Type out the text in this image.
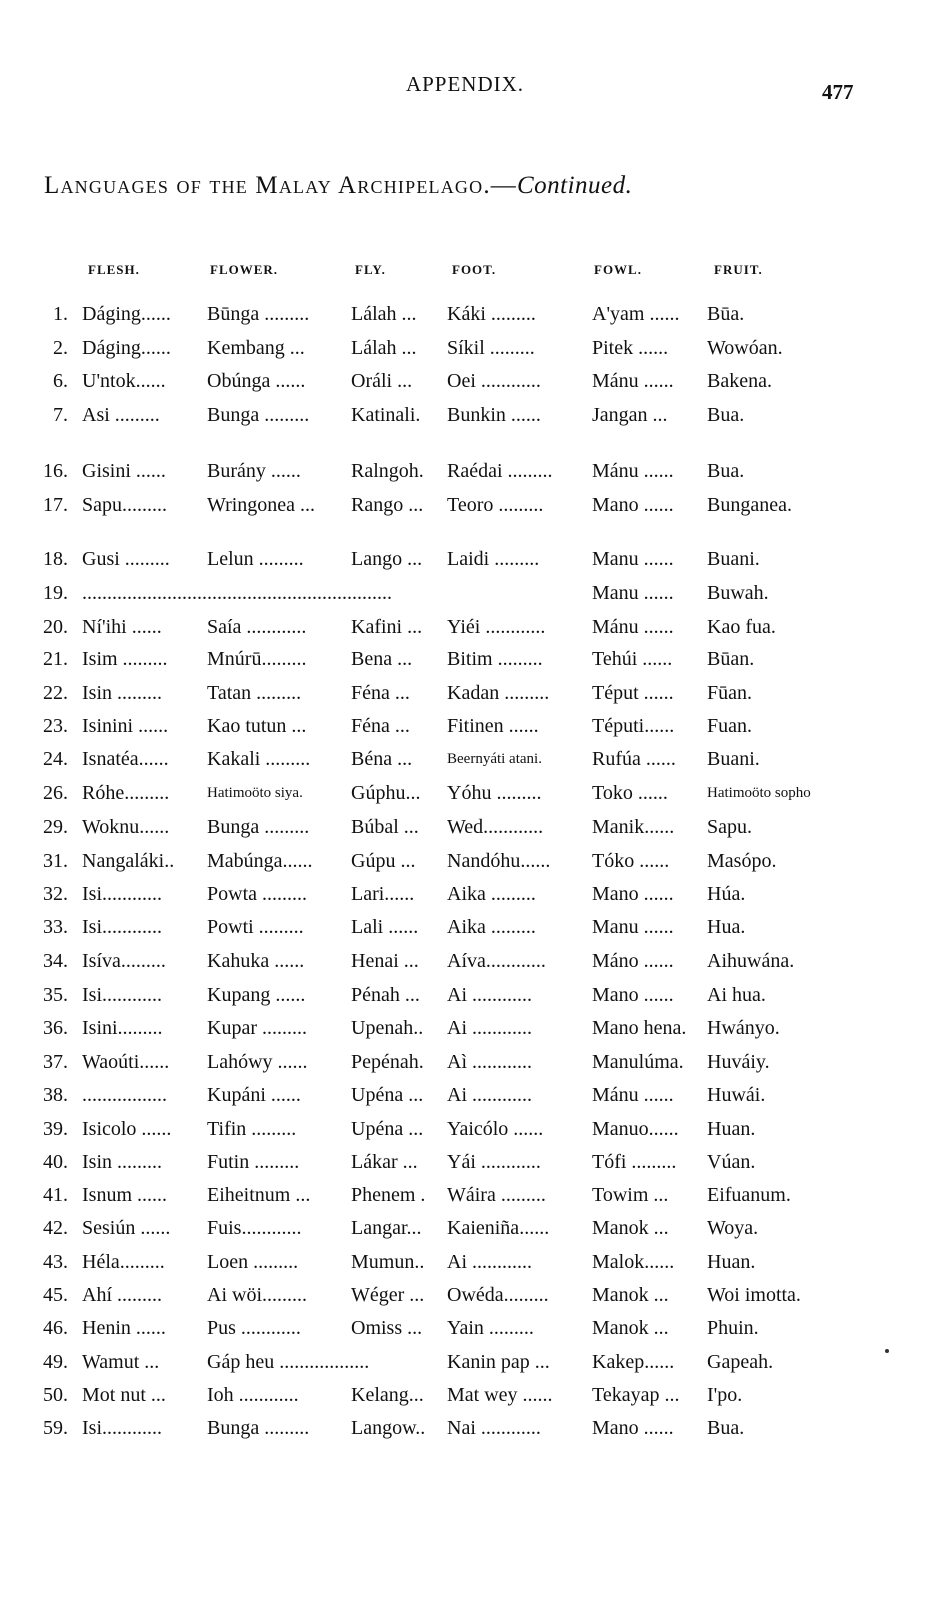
APPENDIX.	477
Languages of the Malay Archipelago.—Continued.
FLESH.	FLOWER.	FLY.	FOOT.	FOWL.	FRUIT.
1. Dáging...... Būnga ......... Lálah ... Káki .........	A'yam ...... Būa.
2. Dáging...... Kembang ... Lálah ... Síkil .........	Pitek ...... Wowóan.
6. U'ntok...... Obúnga ...... Oráli ... Oei ............	Mánu ...... Bakena.
7. Asi ......... Bunga ......... Katinali. Bunkin ......	Jangan ... Bua.
16. Gisini ...... Burány ......	Ralngoh. Raédai ......... Mánu ...... Bua.
17. Sapu......... Wringonea ... Rango ... Teoro ......... Mano ...... Bunganea.
18. Gusi ......... Lelun ......... Lango ... Laidi .........	Manu ...... Buani.
19. ..............................................................	Manu ...... Buwah.
20. Ní'ihi ...... Saía ............ Kafini ... Yiéi ............ Mánu ...... Kao fua.
21. Isim ......... Mnúrū......... Bena ... Bitim ......... Tehúi ...... Būan.
22. Isin ......... Tatan ......... Féna ... Kadan ......... Téput ...... Fūan.
23. Isinini ...... Kao tutun ... Féna ... Fitinen ......	Téputi...... Fuan.
24. Isnatéa...... Kakali ......... Béna ... Beernyáti atani.	Rufúa ...... Buani.
26. Róhe.........	Hatimoöto siya. Gúphu... Yóhu .........	Toko ......	Hatimoöto sopho
29. Woknu...... Bunga ......... Búbal ... Wed............ Manik...... Sapu.
31. Nangaláki.. Mabúnga...... Gúpu ... Nandóhu...... Tóko ...... Masópo.
32. Isi............ Powta ......... Lari...... Aika .........	Mano ...... Húa.
33. Isi............ Powti ......... Lali ...... Aika .........	Manu ...... Hua.
34. Isíva......... Kahuka ...... Henai ... Aíva............ Máno ...... Aihuwána.
35. Isi............ Kupang ...... Pénah ... Ai ............	Mano ...... Ai hua.
36. Isini......... Kupar ......... Upenah.. Ai ............	Mano hena. Hwányo.
37. Waoúti...... Lahówy ...... Pepénah. Aì ............	Manulúma. Huváiy.
38. ................. Kupáni ......	Upéna ... Ai ............	Mánu ...... Huwái.
39. Isicolo ...... Tifin .........	Upéna ... Yaicólo ...... Manuo...... Huan.
40. Isin ......... Futin .........	Lákar ... Yái ............	Tófi ......... Vúan.
41. Isnum ...... Eiheitnum ... Phenem . Wáira ......... Towim ... Eifuanum.
42. Sesiún ...... Fuis............ Langar... Kaieniña...... Manok ... Woya.
43. Héla......... Loen .........	Mumun.. Ai ............	Malok...... Huan.
45. Ahí ......... Ai wöi......... Wéger ... Owéda......... Manok ... Woi imotta.
46. Henin ...... Pus ............	Omiss ... Yain .........	Manok ... Phuin.
49. Wamut ... Gáp heu ..................	Kanin pap ... Kakep...... Gapeah.
50. Mot nut ... Ioh ............	Kelang... Mat wey ...... Tekayap ... I'po.
59. Isi............ Bunga ......... Langow.. Nai ............	Mano ...... Bua.
